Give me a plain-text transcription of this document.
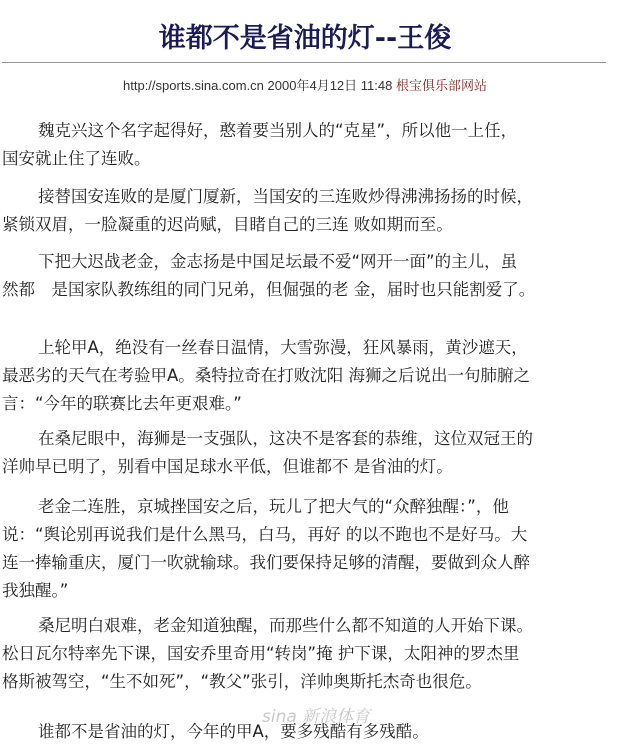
谁都不是省油的灯--王俊
http://sports.sina.com.cn 2000年4月12日 11:48 根宝俱乐部网站
魏克兴这个名字起得好，憨着要当别人的“克星”，所以他一上任，
国安就止住了连败。
接替国安连败的是厦门厦新，当国安的三连败炒得沸沸扬扬的时候，
紧锁双眉，一脸凝重的迟尚赋，目睹自己的三连 败如期而至。
下把大迟战老金，金志扬是中国足坛最不爱“网开一面”的主儿，虽
然都　是国家队教练组的同门兄弟，但倔强的老 金，届时也只能割爱了。
上轮甲A，绝没有一丝春日温情，大雪弥漫，狂风暴雨，黄沙遮天，
最恶劣的天气在考验甲A。桑特拉奇在打败沈阳 海狮之后说出一句肺腑之
言：“今年的联赛比去年更艰难。”
在桑尼眼中，海狮是一支强队，这决不是客套的恭维，这位双冠王的
洋帅早已明了，别看中国足球水平低，但谁都不 是省油的灯。
老金二连胜，京城挫国安之后，玩儿了把大气的“众醉独醒：”，他
说：“舆论别再说我们是什么黑马，白马，再好 的以不跑也不是好马。大
连一捧输重庆，厦门一吹就输球。我们要保持足够的清醒，要做到众人醉
我独醒。”
桑尼明白艰难，老金知道独醒，而那些什么都不知道的人开始下课。
松日瓦尔特率先下课，国安乔里奇用“转岗”掩 护下课，太阳神的罗杰里
格斯被驾空，“生不如死”，“教父”张引，洋帅奥斯托杰奇也很危。
谁都不是省油的灯，今年的甲A，要多残酷有多残酷。
sina 新浪体育
